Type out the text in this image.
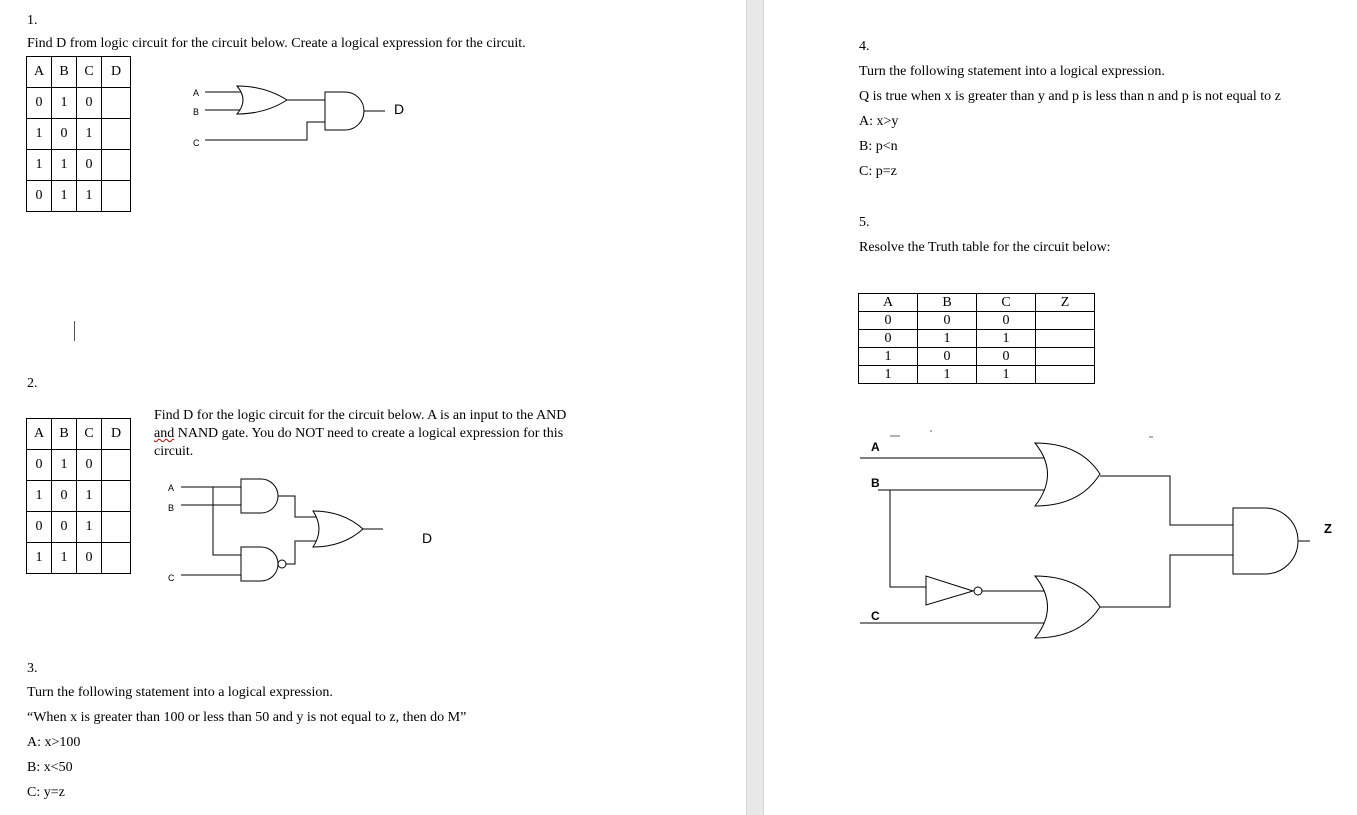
1.
Find D from logic circuit for the circuit below. Create a logical expression for the circuit.
A	B	C	D
0	1	0	
1	0	1	
1	1	0	
0	1	1	
A
B
C
D
2.
Find D for the logic circuit for the circuit below. A is an input to the AND
and NAND gate. You do NOT need to create a logical expression for this
circuit.
A	B	C	D
0	1	0	
1	0	1	
0	0	1	
1	1	0	
A
B
C
D
3.
Turn the following statement into a logical expression.
“When x is greater than 100 or less than 50 and y is not equal to z, then do M”
A: x>100
B: x<50
C: y=z
4.
Turn the following statement into a logical expression.
Q is true when x is greater than y and p is less than n and p is not equal to z
A: x>y
B: p<n
C: p=z
5.
Resolve the Truth table for the circuit below:
A	B	C	Z
0	0	0	
0	1	1	
1	0	0	
1	1	1	
A
B
C
Z
